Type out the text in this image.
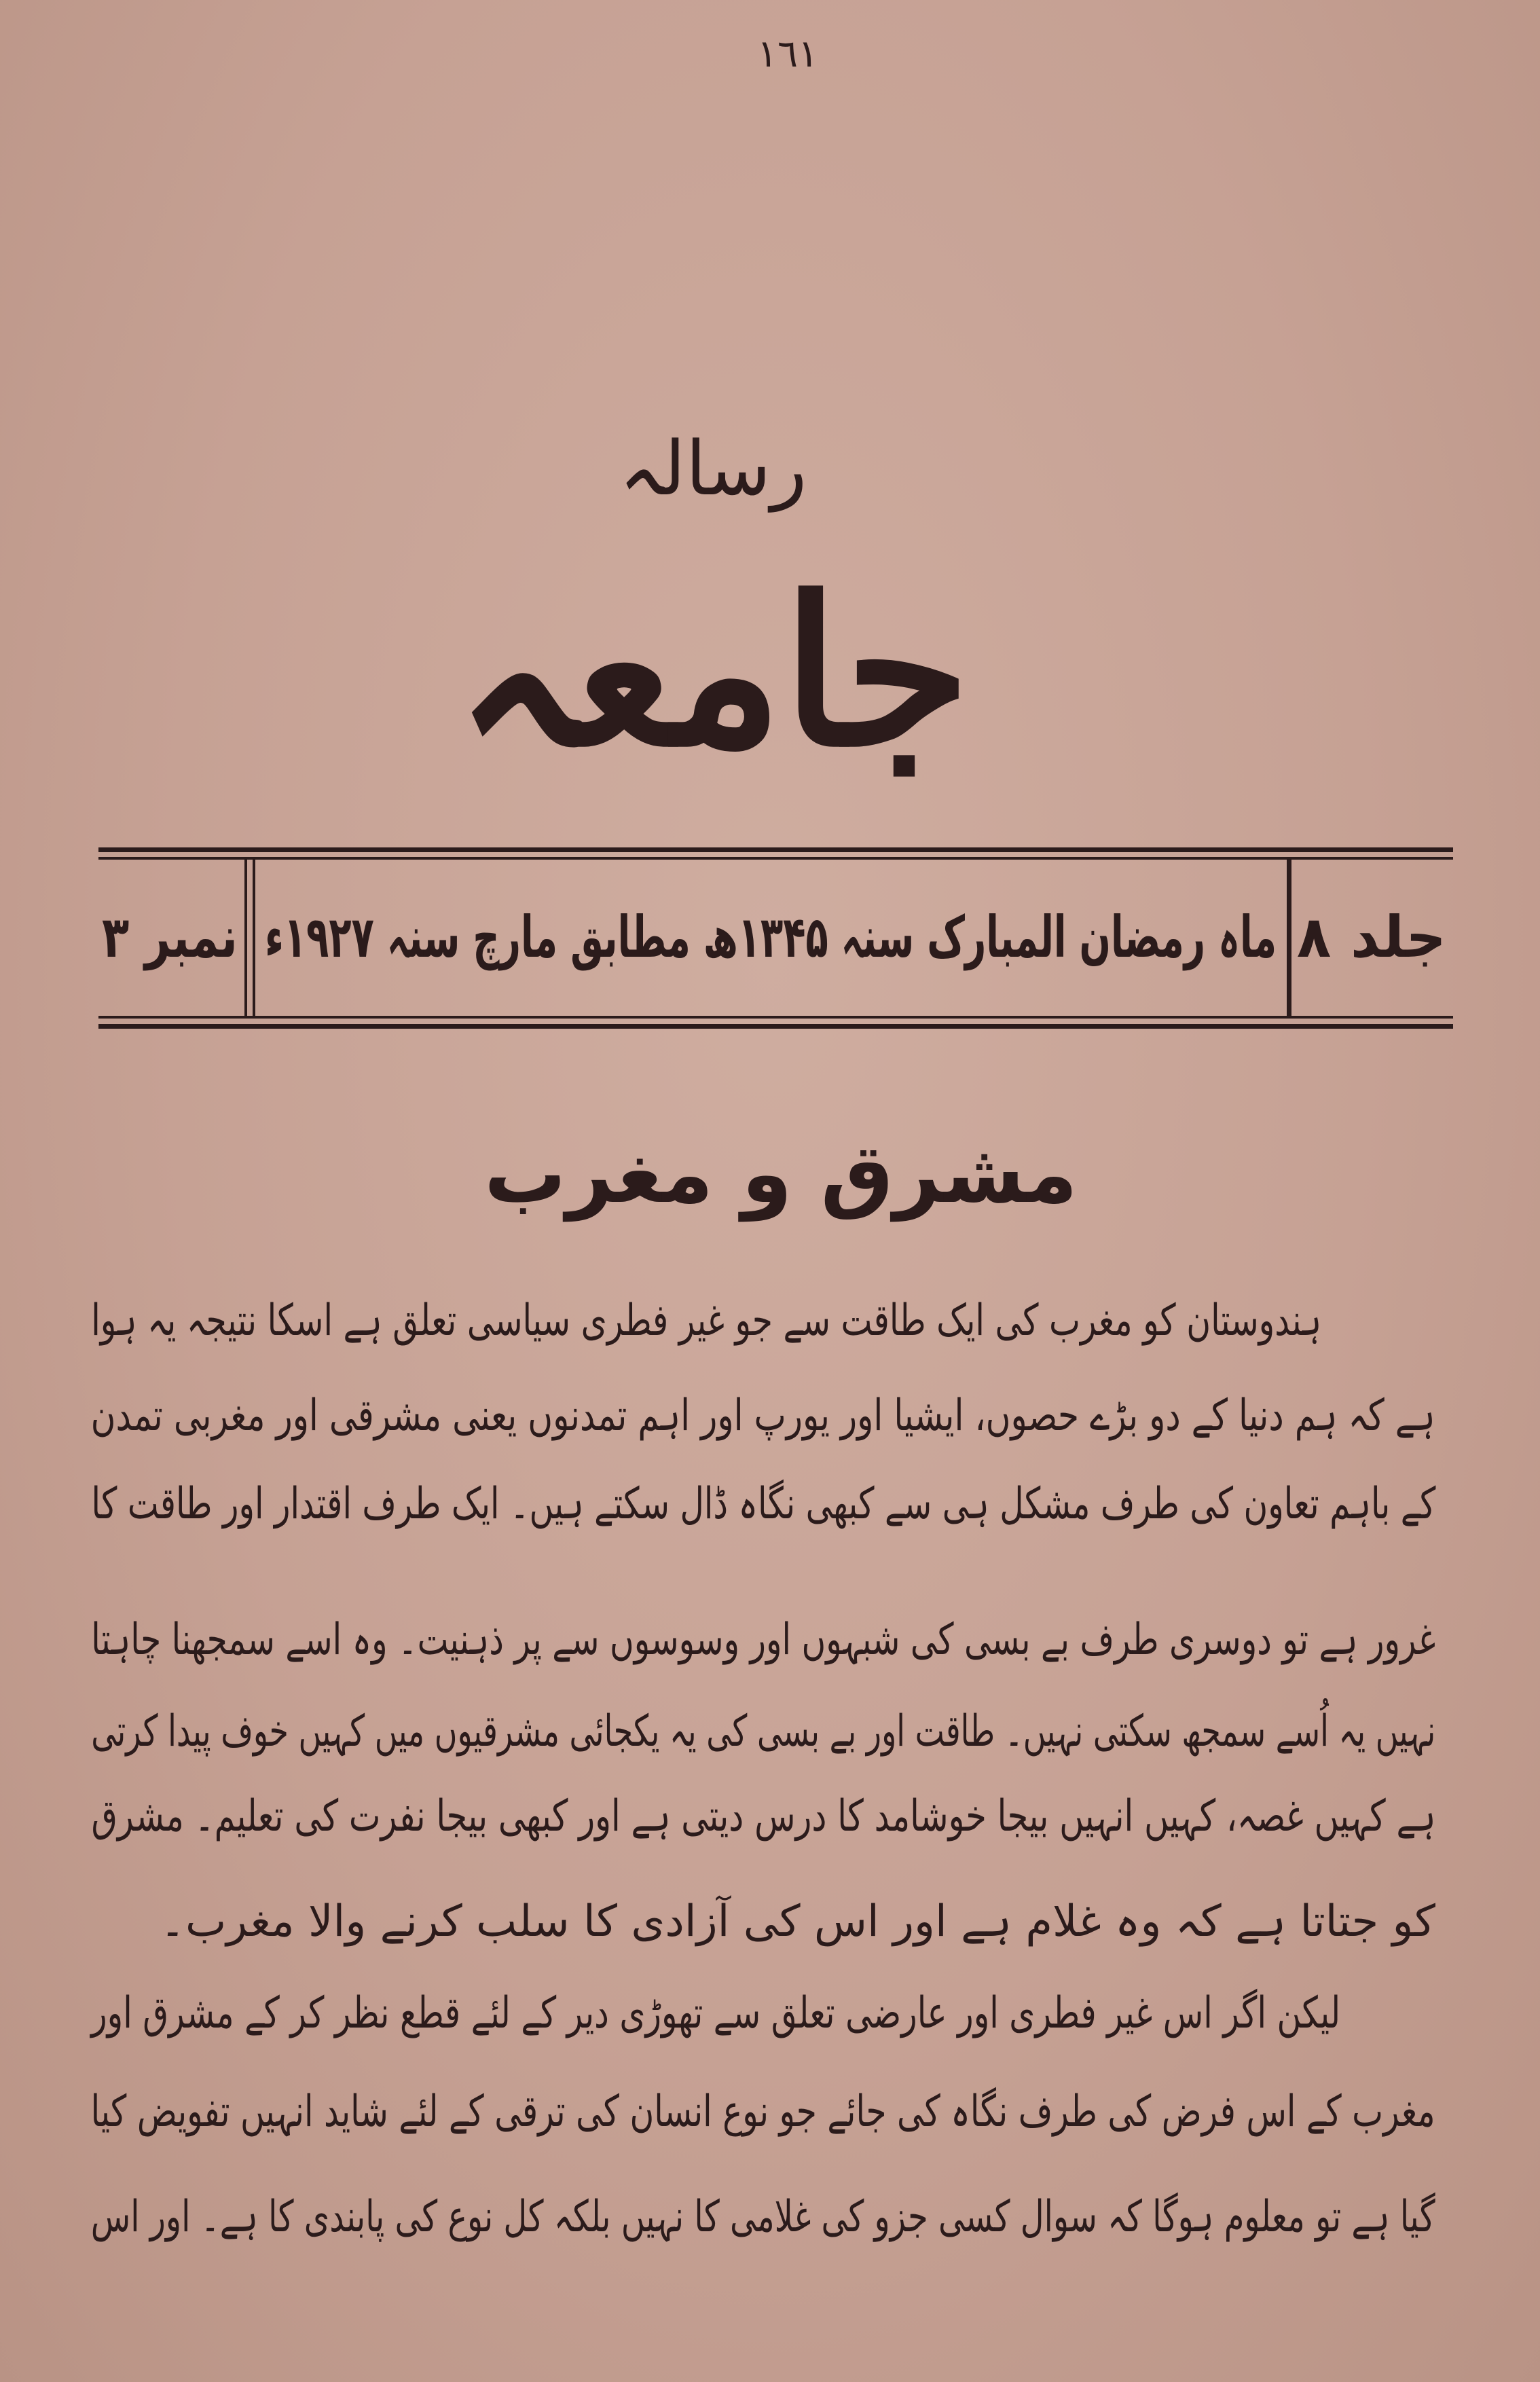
١٦١
رسالہ
جامعہ
جلد ۸
ماہ رمضان المبارک سنہ ۱۳۴۵ھ مطابق مارچ سنہ ۱۹۲۷ء
نمبر ۳
مشرق و مغرب
ہندوستان کو مغرب کی ایک طاقت سے جو غیر فطری سیاسی تعلق ہے اسکا نتیجہ یہ ہوا
ہے کہ ہم دنیا کے دو بڑے حصوں، ایشیا اور یورپ اور اہم تمدنوں یعنی مشرقی اور مغربی تمدن
کے باہم تعاون کی طرف مشکل ہی سے کبھی نگاہ ڈال سکتے ہیں۔ ایک طرف اقتدار اور طاقت کا
غرور ہے تو دوسری طرف بے بسی کی شبہوں اور وسوسوں سے پر ذہنیت۔ وہ اسے سمجھنا چاہتا
نہیں یہ اُسے سمجھ سکتی نہیں۔ طاقت اور بے بسی کی یہ یکجائی مشرقیوں میں کہیں خوف پیدا کرتی
ہے کہیں غصہ، کہیں انہیں بیجا خوشامد کا درس دیتی ہے اور کبھی بیجا نفرت کی تعلیم۔ مشرق
کو جتاتا ہے کہ وہ غلام ہے اور اس کی آزادی کا سلب کرنے والا مغرب۔
لیکن اگر اس غیر فطری اور عارضی تعلق سے تھوڑی دیر کے لئے قطع نظر کر کے مشرق اور
مغرب کے اس فرض کی طرف نگاہ کی جائے جو نوع انسان کی ترقی کے لئے شاید انہیں تفویض کیا
گیا ہے تو معلوم ہوگا کہ سوال کسی جزو کی غلامی کا نہیں بلکہ کل نوع کی پابندی کا ہے۔ اور اس
